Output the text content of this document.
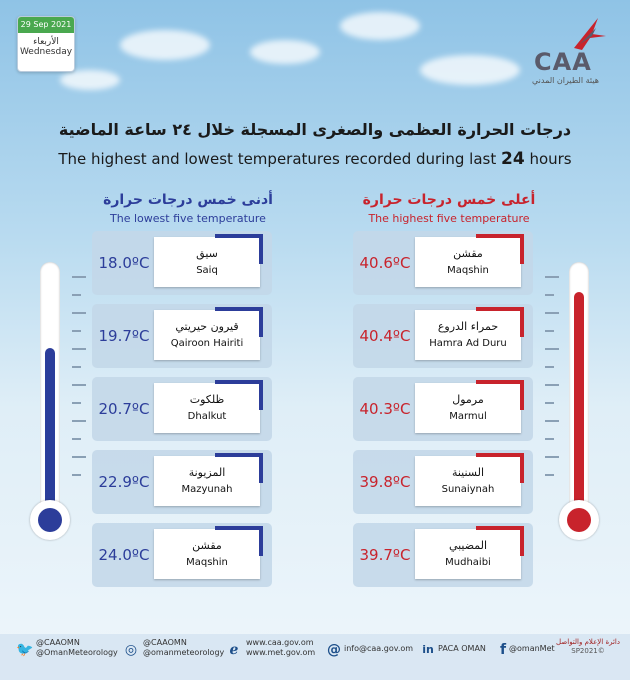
29 Sep 2021
الأربعاء
Wednesday	CAA
هيئة الطيران المدني
درجات الحرارة العظمى والصغرى المسجلة خلال ٢٤ ساعة الماضية
The highest and lowest temperatures recorded during last 24 hours
أدنى خمس درجات حرارة
The lowest five temperature
أعلى خمس درجات حرارة
The highest five temperature
18.0ºC
سيق
Saiq
19.7ºC
قيرون حيريتي
Qairoon Hairiti
20.7ºC
ظلكوت
Dhalkut
22.9ºC
المزيونة
Mazyunah
24.0ºC
مقشن
Maqshin
40.6ºC
مقشن
Maqshin
40.4ºC
حمراء الدروع
Hamra Ad Duru
40.3ºC
مرمول
Marmul
39.8ºC
السنينة
Sunaiynah
39.7ºC
المضيبي
Mudhaibi
🐦 @CAAOMN
@OmanMeteorology ◎ @CAAOMN
@omanmeteorology ℯ www.caa.gov.om
www.met.gov.om @ info@caa.gov.om in PACA OMAN	f @omanMet
دائرة الإعلام والتواصل
©SP2021
